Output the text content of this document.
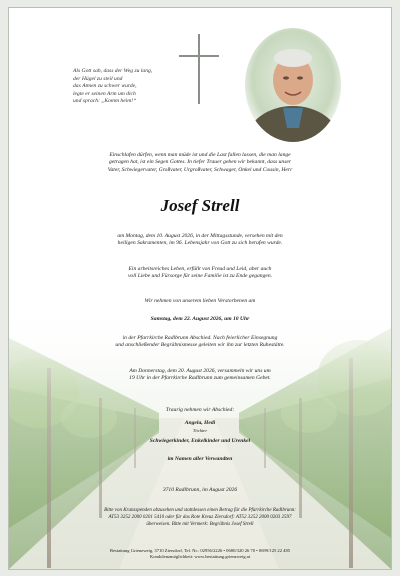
Als Gott sah, dass der Weg zu lang,
der Hügel zu steil und
das Atmen zu schwer wurde,
legte er seinen Arm um dich
und sprach: „Komm heim!“
Einschlafen dürfen, wenn man müde ist und die Last fallen lassen, die man lange
getragen hat, ist ein Segen Gottes. In tiefer Trauer geben wir bekannt, dass unser
Vater, Schwiegervater, Großvater, Urgroßvater, Schwager, Onkel und Cousin, Herr
Josef Strell
am Montag, dem 10. August 2026, in der Mittagsstunde, versehen mit den
heiligen Sakramenten, im 96. Lebensjahr von Gott zu sich berufen wurde.
Ein arbeitsreiches Leben, erfüllt von Freud und Leid, aber auch
voll Liebe und Fürsorge für seine Familie ist zu Ende gegangen.
Wir nehmen von unserem lieben Verstorbenen am
Samstag, dem 22. August 2026, um 10 Uhr
in der Pfarrkirche Radlbrunn Abschied. Nach feierlicher Einsegnung
und anschließender Begräbnismesse geleiten wir ihn zur letzten Ruhestätte.
Am Donnerstag, dem 20. August 2026, versammeln wir uns um
19 Uhr in der Pfarrkirche Radlbrunn zum gemeinsamen Gebet.
Traurig nehmen wir Abschied:
Angela, Hedi
Töchter
Schwiegerkinder, Enkelkinder und Urenkel
im Namen aller Verwandten
3710 Radlbrunn, im August 2026
Bitte von Kranzspenden abzusehen und stattdessen einen Betrag für die Pfarrkirche Radlbrunn:
AT53 3252 2000 0201 5410 oder für das Rote Kreuz Ziersdorf: AT52 3252 2000 0203 2597
überweisen. Bitte mit Vermerk: Begräbnis Josef Strell
Bestattung Grienzweig, 3710 Ziersdorf, Tel. Nr.: 02956/2226 • 0680/320 26 70 • 0699/125 22 485
Kondolenzmöglichkeit: www.bestattung.grienzweig.at
